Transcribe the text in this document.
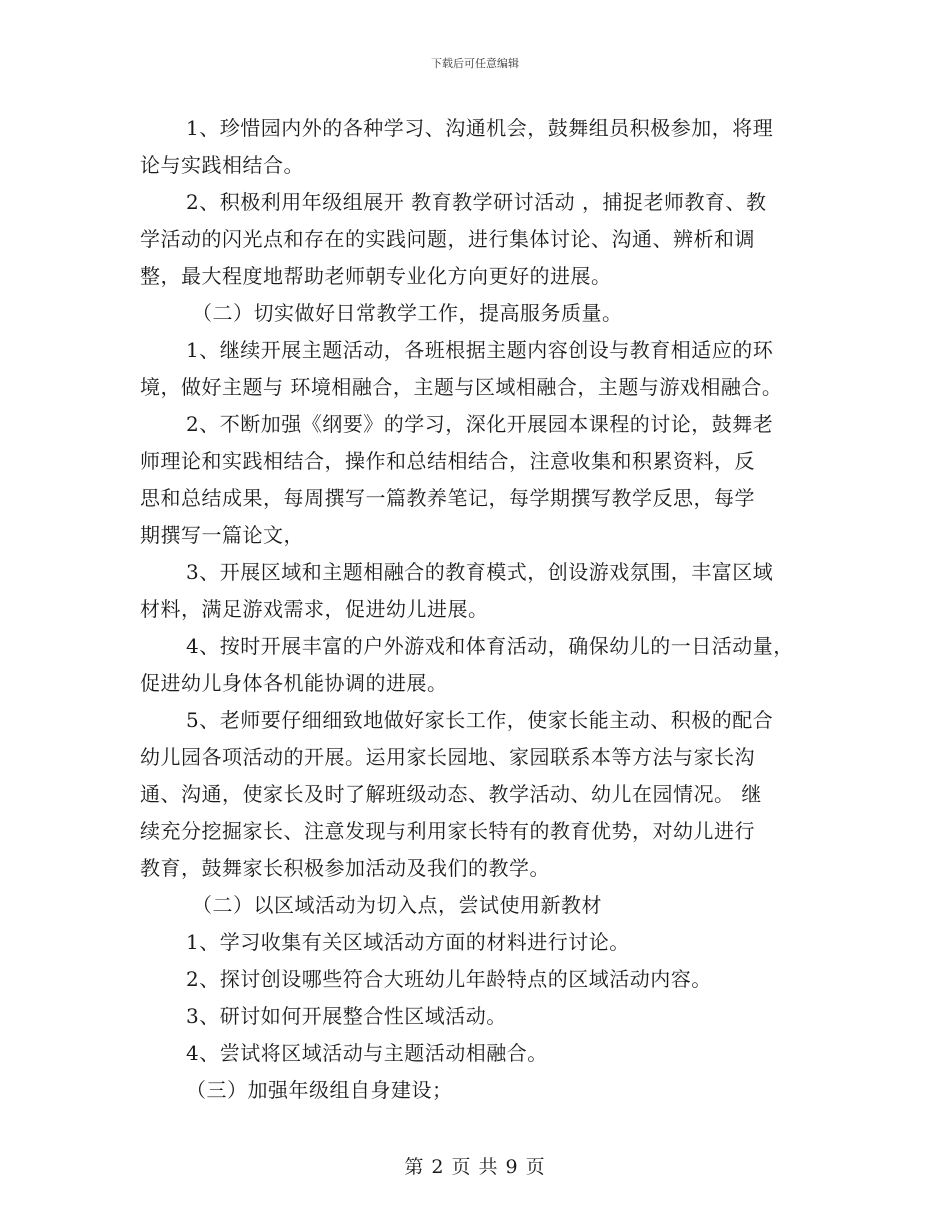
下载后可任意编辑
1、珍惜园内外的各种学习、沟通机会，鼓舞组员积极参加，将理
论与实践相结合。
2、积极利用年级组展开 教育教学研讨活动 ，捕捉老师教育、教
学活动的闪光点和存在的实践问题，进行集体讨论、沟通、辨析和调
整，最大程度地帮助老师朝专业化方向更好的进展。
（二）切实做好日常教学工作，提高服务质量。
1、继续开展主题活动，各班根据主题内容创设与教育相适应的环
境，做好主题与 环境相融合，主题与区域相融合，主题与游戏相融合。
2、不断加强《纲要》的学习，深化开展园本课程的讨论，鼓舞老
师理论和实践相结合，操作和总结相结合，注意收集和积累资料，反
思和总结成果，每周撰写一篇教养笔记，每学期撰写教学反思，每学
期撰写一篇论文，
3、开展区域和主题相融合的教育模式，创设游戏氛围，丰富区域
材料，满足游戏需求，促进幼儿进展。
4、按时开展丰富的户外游戏和体育活动，确保幼儿的一日活动量，
促进幼儿身体各机能协调的进展。
5、老师要仔细细致地做好家长工作，使家长能主动、积极的配合
幼儿园各项活动的开展。运用家长园地、家园联系本等方法与家长沟
通、沟通，使家长及时了解班级动态、教学活动、幼儿在园情况。 继
续充分挖掘家长、注意发现与利用家长特有的教育优势，对幼儿进行
教育，鼓舞家长积极参加活动及我们的教学。
（二）以区域活动为切入点，尝试使用新教材
1、学习收集有关区域活动方面的材料进行讨论。
2、探讨创设哪些符合大班幼儿年龄特点的区域活动内容。
3、研讨如何开展整合性区域活动。
4、尝试将区域活动与主题活动相融合。
（三）加强年级组自身建设；
第 2 页 共 9 页
